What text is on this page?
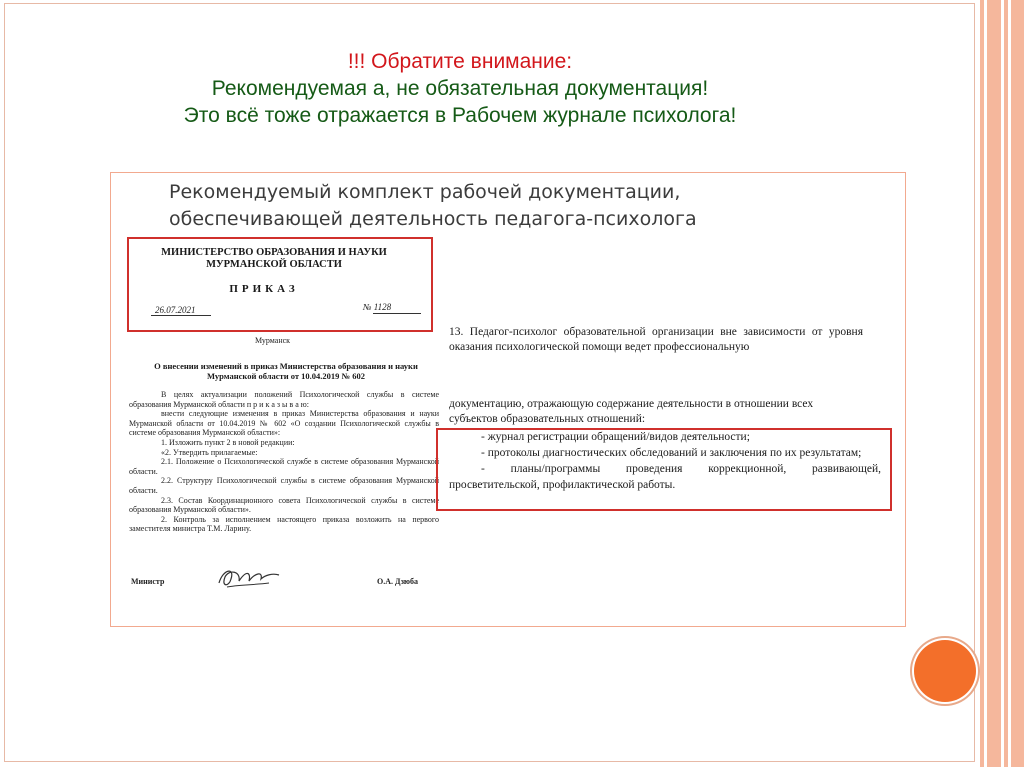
!!! Обратите внимание:
Рекомендуемая а, не обязательная документация!
Это всё тоже отражается в Рабочем журнале психолога!
Рекомендуемый комплект рабочей документации,
обеспечивающей деятельность педагога-психолога
МИНИСТЕРСТВО ОБРАЗОВАНИЯ И НАУКИ
МУРМАНСКОЙ ОБЛАСТИ
ПРИКАЗ
26.07.2021	№ 1128
Мурманск
О внесении изменений в приказ Министерства образования и науки
Мурманской области от 10.04.2019 № 602
В целях актуализации положений Психологической службы в системе образования Мурманской области п р и к а з ы в а ю:
внести следующие изменения в приказ Министерства образования и науки Мурманской области от 10.04.2019 № 602 «О создании Психологической службы в системе образования Мурманской области»:
1. Изложить пункт 2 в новой редакции:
«2. Утвердить прилагаемые:
2.1. Положение о Психологической службе в системе образования Мурманской области.
2.2. Структуру Психологической службы в системе образования Мурманской области.
2.3. Состав Координационного совета Психологической службы в системе образования Мурманской области».
2. Контроль за исполнением настоящего приказа возложить на первого заместителя министра Т.М. Ларину.
Министр	О.А. Дзюба
13. Педагог-психолог образовательной организации вне зависимости от уровня оказания психологической помощи ведет профессиональную
документацию, отражающую содержание деятельности в отношении всех
субъектов образовательных отношений:
- журнал регистрации обращений/видов деятельности;
- протоколы диагностических обследований и заключения по их результатам;
- планы/программы проведения коррекционной, развивающей, просветительской, профилактической работы.
